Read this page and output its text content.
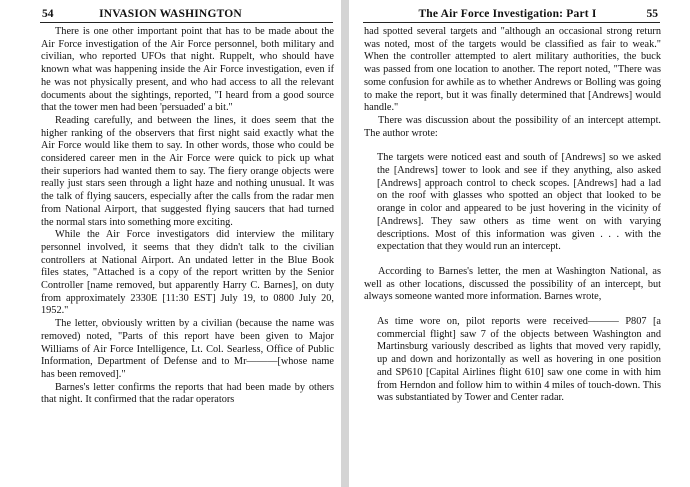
54	INVASION WASHINGTON

There is one other important point that has to be made about the Air Force investigation of the Air Force personnel, both military and civilian, who reported UFOs that night. Ruppelt, who should have known what was happening inside the Air Force investigation, even if he was not physically present, and who had access to all the relevant documents about the sightings, reported, "I heard from a good source that the tower men had been 'persuaded' a bit."

Reading carefully, and between the lines, it does seem that the higher ranking of the observers that first night said exactly what the Air Force would like them to say. In other words, those who could be considered career men in the Air Force were quick to pick up what their superiors had wanted them to say. The fiery orange objects were really just stars seen through a light haze and nothing unusual. It was the talk of flying saucers, especially after the calls from the radar men from National Airport, that suggested flying saucers that had turned the normal stars into something more exciting.

While the Air Force investigators did interview the military personnel involved, it seems that they didn't talk to the civilian controllers at National Airport. An undated letter in the Blue Book files states, "Attached is a copy of the report written by the Senior Controller [name removed, but apparently Harry C. Barnes], on duty from approximately 2330E [11:30 EST] July 19, to 0800 July 20, 1952."

The letter, obviously written by a civilian (because the name was removed) noted, "Parts of this report have been given to Major Williams of Air Force Intelligence, Lt. Col. Searless, Office of Public Information, Department of Defense and to Mr———[whose name has been removed]."

Barnes's letter confirms the reports that had been made by others that night. It confirmed that the radar operators

The Air Force Investigation: Part I	55

had spotted several targets and "although an occasional strong return was noted, most of the targets would be classified as fair to weak." When the controller attempted to alert military authorities, the buck was passed from one location to another. The report noted, "There was some confusion for awhile as to whether Andrews or Bolling was going to make the report, but it was finally determined that [Andrews] would handle."

There was discussion about the possibility of an intercept attempt. The author wrote:

The targets were noticed east and south of [Andrews] so we asked the [Andrews] tower to look and see if they anything, also asked [Andrews] approach control to check scopes. [Andrews] had a lad on the roof with glasses who spotted an object that looked to be orange in color and appeared to be just hovering in the vicinity of [Andrews]. They saw others as time went on with varying descriptions. Most of this information was given . . . with the expectation that they would run an intercept.

According to Barnes's letter, the men at Washington National, as well as other locations, discussed the possibility of an intercept, but always someone wanted more information. Barnes wrote,

As time wore on, pilot reports were received——— P807 [a commercial flight] saw 7 of the objects between Washington and Martinsburg variously described as lights that moved very rapidly, up and down and horizontally as well as hovering in one position and SP610 [Capital Airlines flight 610] saw one come in with him from Herndon and follow him to within 4 miles of touch-down. This was substantiated by Tower and Center radar.
